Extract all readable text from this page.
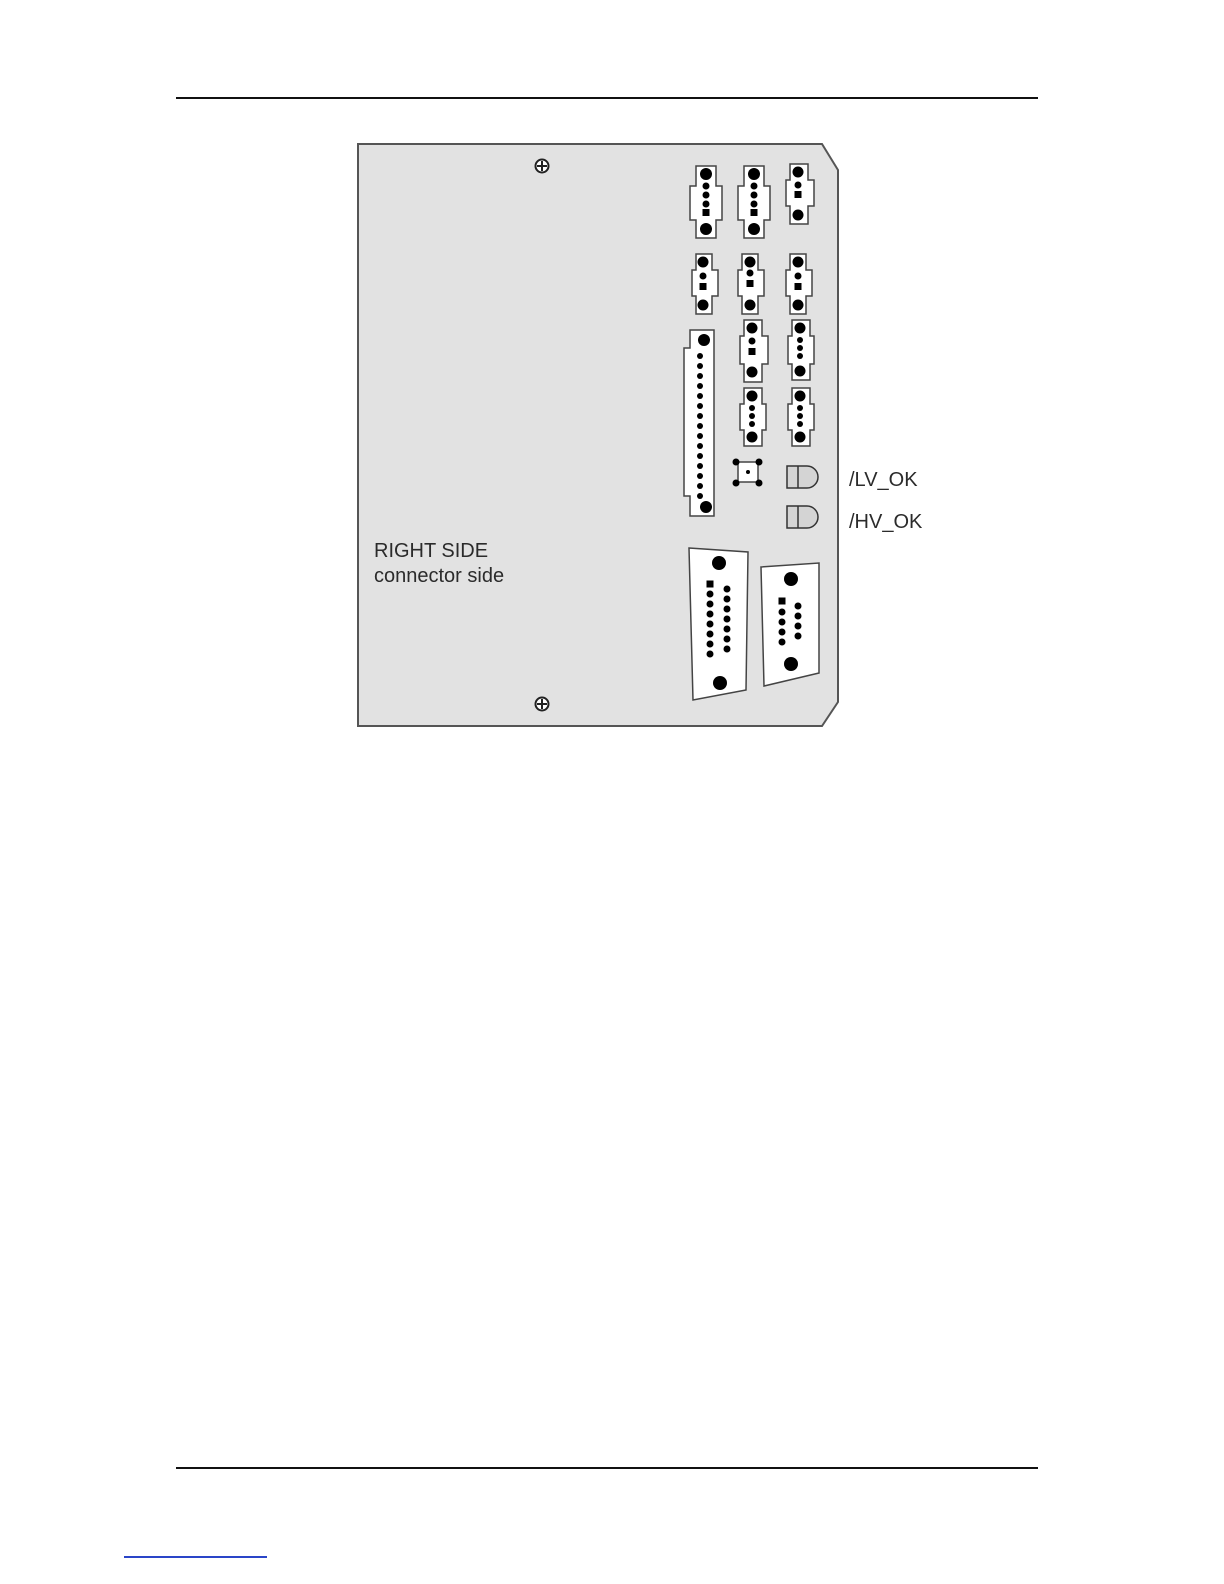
RIGHT SIDE
connector side
/LV_OK
/HV_OK
